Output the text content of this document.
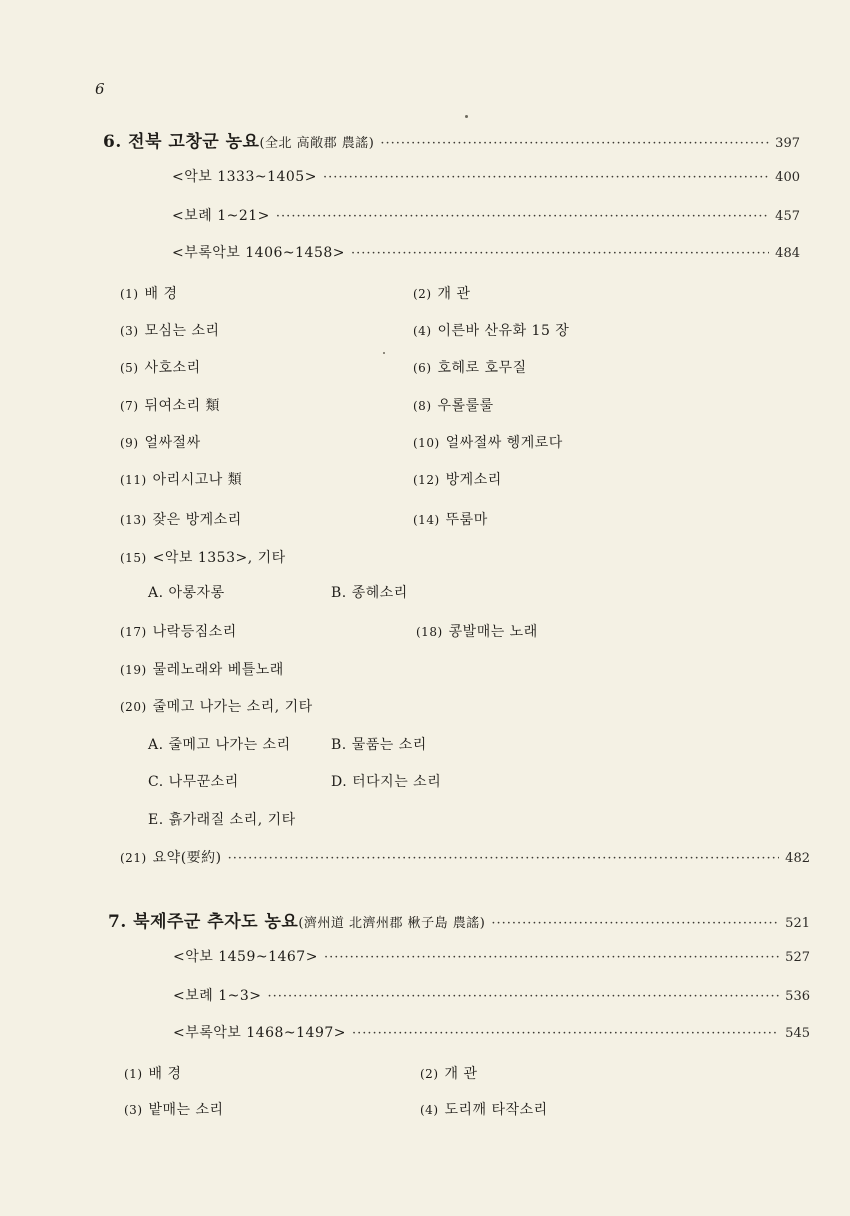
6
6. 전북 고창군 농요(全北 高敞郡 農謠) ·····	397
<악보 1333~1405> ·····	400
<보례 1~21> ·····	457
<부록악보 1406~1458> ·····	484
(1) 배 경	(2) 개 관
(3) 모심는 소리	(4) 이른바 산유화 15 장
(5) 사호소리	(6) 호헤로 호무질
(7) 뒤여소리 類	(8) 우롤룰룰
(9) 얼싸절싸	(10) 얼싸절싸 헹게로다
(11) 아리시고나 類	(12) 방게소리
(13) 잦은 방게소리	(14) 뚜룸마
(15) <악보 1353>, 기타
A. 아롱자롱	B. 종헤소리
(17) 나락등짐소리	(18) 콩발매는 노래
(19) 물레노래와 베틀노래
(20) 줄메고 나가는 소리, 기타
A. 줄메고 나가는 소리	B. 물품는 소리
C. 나무꾼소리	D. 터다지는 소리
E. 흙가래질 소리, 기타
(21) 요약(要約) ·····	482
7. 북제주군 추자도 농요(濟州道 北濟州郡 楸子島 農謠) ·····	521
<악보 1459~1467> ·····	527
<보례 1~3> ·····	536
<부록악보 1468~1497> ·····	545
(1) 배 경	(2) 개 관
(3) 밭매는 소리	(4) 도리깨 타작소리
